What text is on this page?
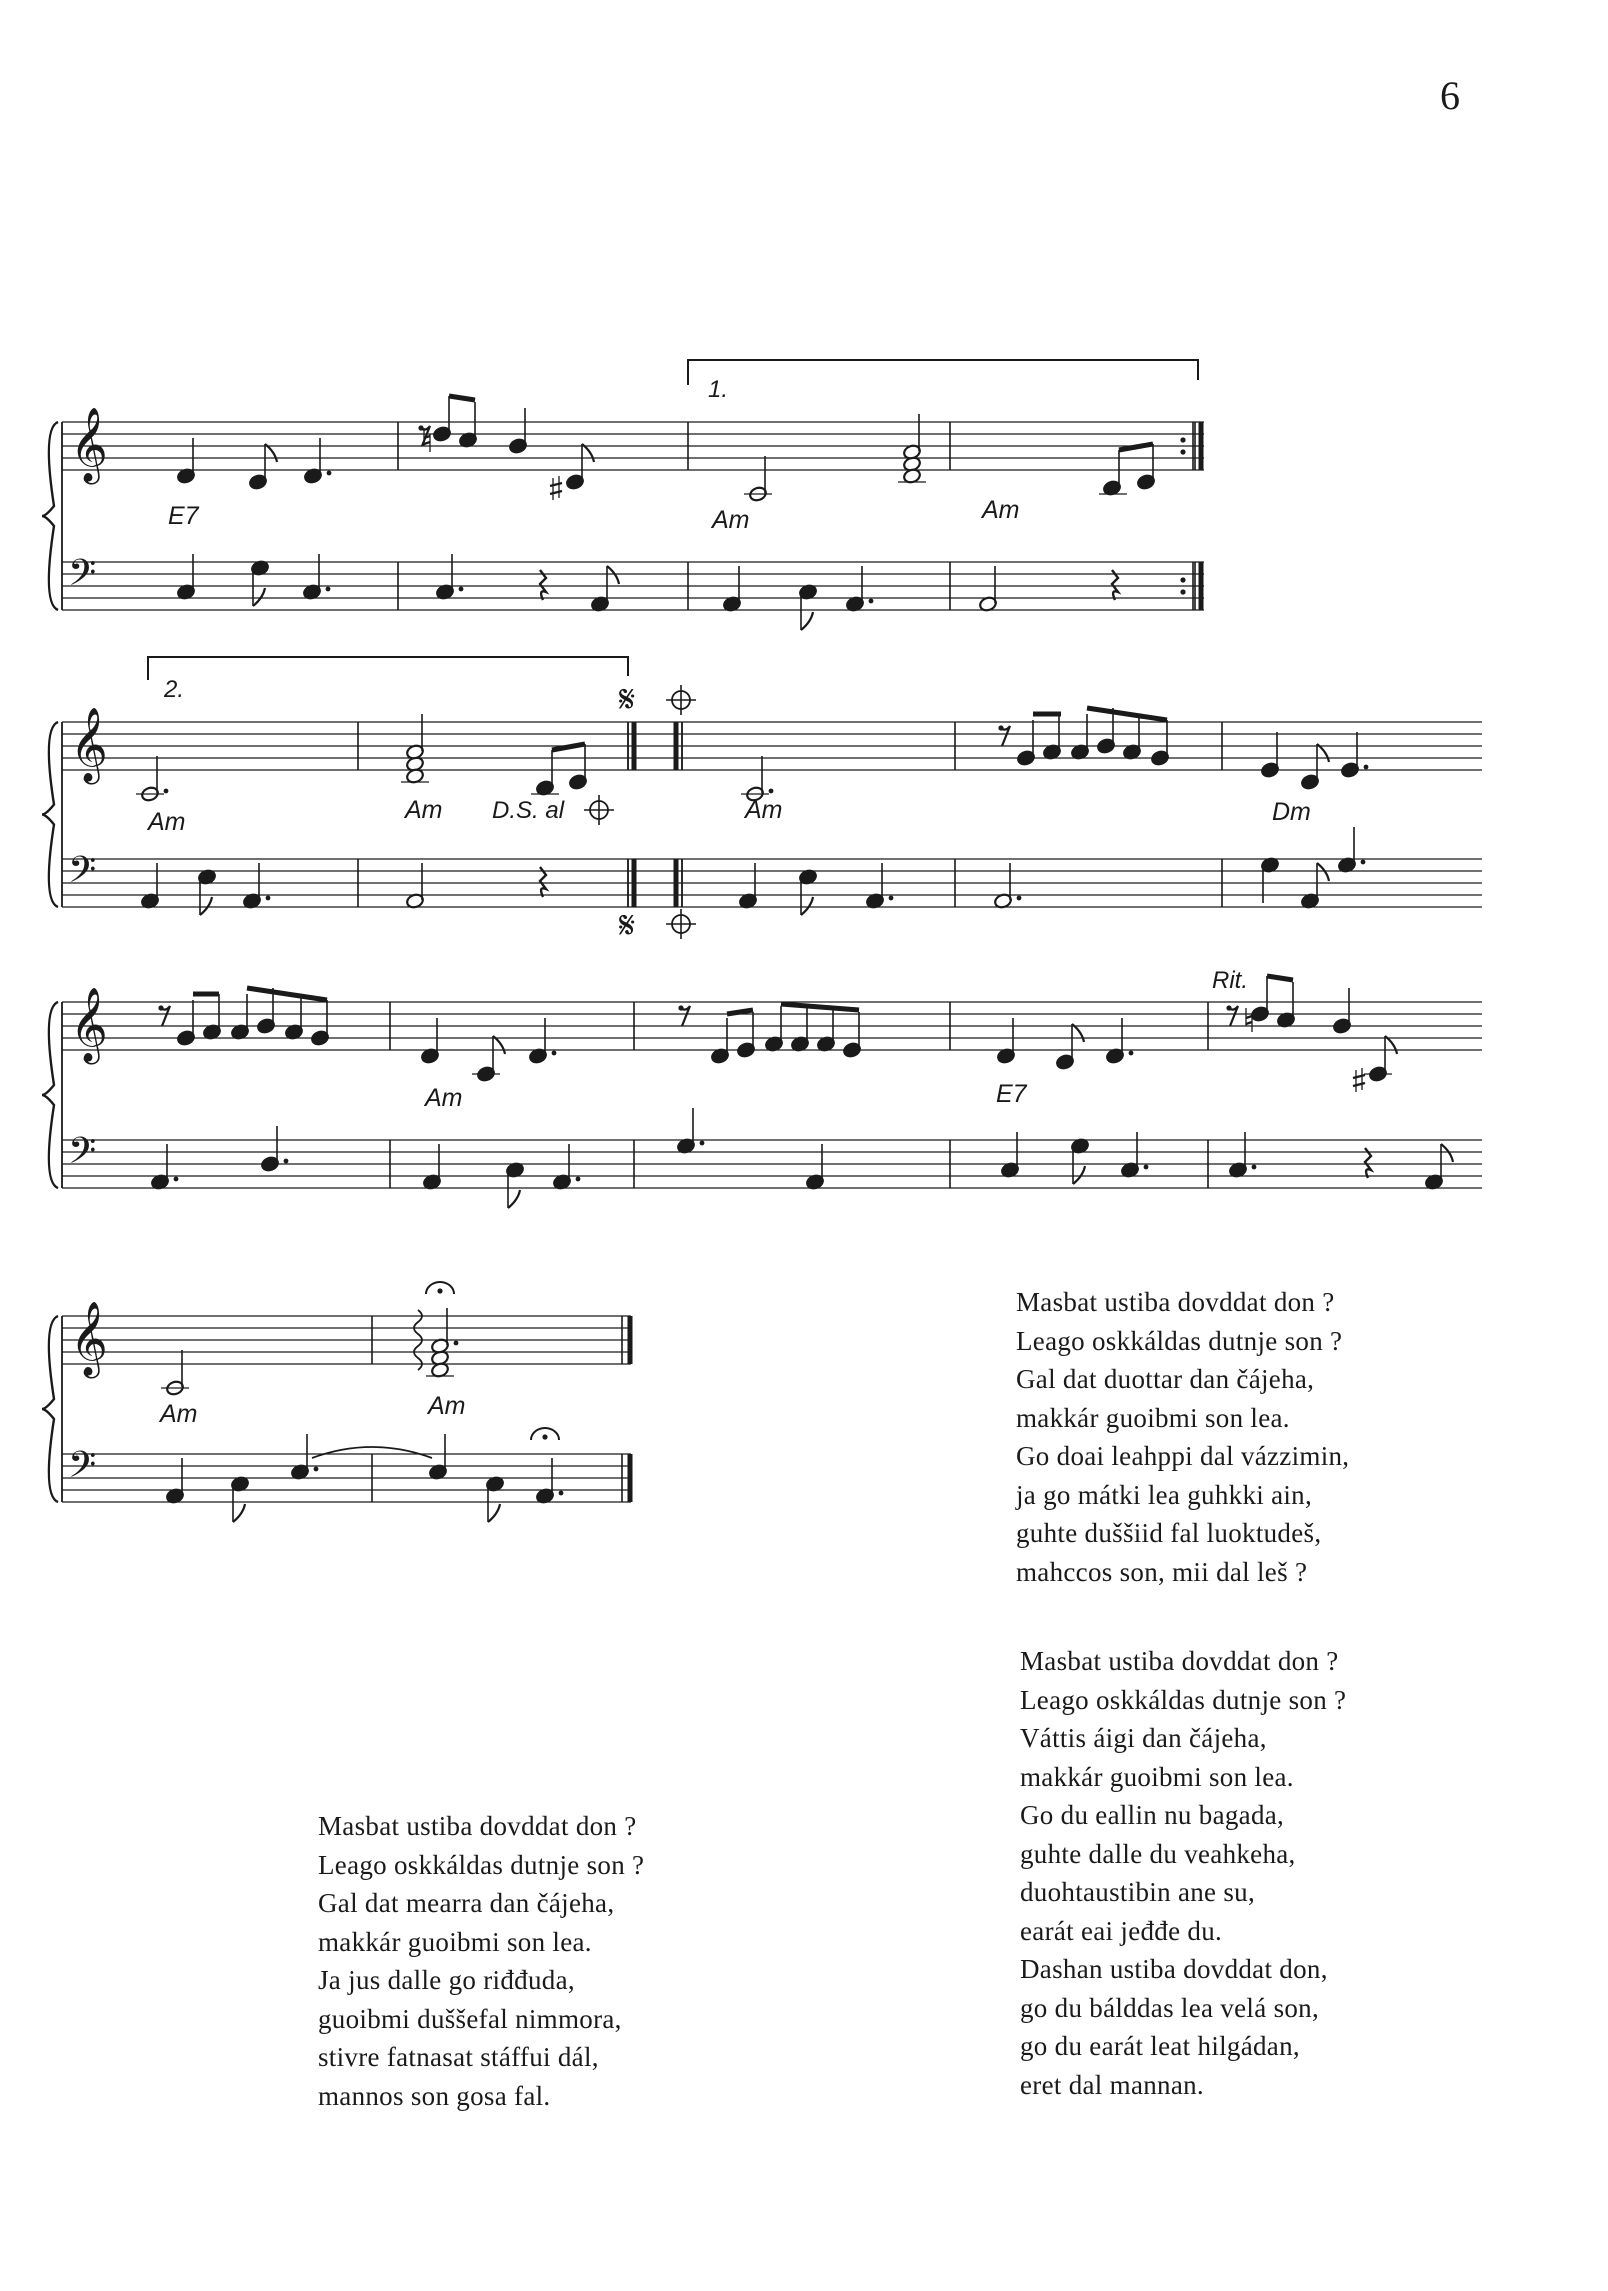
6
𝄞
𝄢
𝄞
𝄢
𝄞
𝄢
𝄞
𝄢
1.
2.	𝄋
𝄋
E7	Am	Am
Am	Am	Am	Dm
Am	E7
Am	Am
D.S. al
Rit.
Masbat ustiba dovddat don ?
Leago oskkáldas dutnje son ?
Gal dat duottar dan čájeha,
makkár guoibmi son lea.
Go doai leahppi dal vázzimin,
ja go mátki lea guhkki ain,
guhte duššiid fal luoktudeš,
mahccos son, mii dal leš ?
Masbat ustiba dovddat don ?
Leago oskkáldas dutnje son ?
Váttis áigi dan čájeha,
makkár guoibmi son lea.
Go du eallin nu bagada,
guhte dalle du veahkeha,
duohtaustibin ane su,
earát eai jeđđe du.
Dashan ustiba dovddat don,
go du bálddas lea velá son,
go du earát leat hilgádan,
eret dal mannan.
Masbat ustiba dovddat don ?
Leago oskkáldas dutnje son ?
Gal dat mearra dan čájeha,
makkár guoibmi son lea.
Ja jus dalle go riđđuda,
guoibmi duššefal nimmora,
stivre fatnasat stáffui dál,
mannos son gosa fal.
